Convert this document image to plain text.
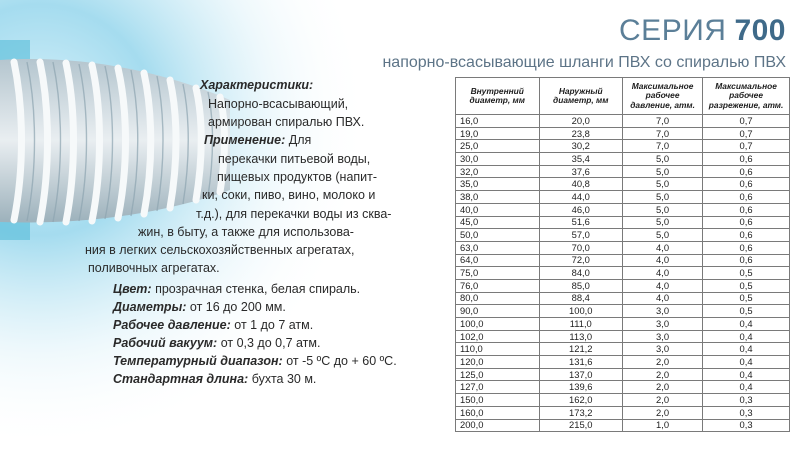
СЕРИЯ 700
напорно-всасывающие шланги ПВХ со спиралью ПВХ

Характеристики:

Напорно-всасывающий,

армирован спиралью ПВХ.

Применение: Для

перекачки питьевой воды,

пищевых продуктов (напит-

ки, соки, пиво, вино, молоко и

т.д.), для перекачки воды из сква-

жин, в быту, а также для использова-

ния в легких сельскохозяйственных агрегатах,

поливочных агрегатах.

Цвет: прозрачная стенка, белая спираль.

Диаметры: от 16 до 200 мм.

Рабочее давление: от 1 до 7 атм.

Рабочий вакуум: от 0,3 до 0,7 атм.

Температурный диапазон: от -5 ºС до + 60 ºС.

Стандартная длина: бухта 30 м.

Внутренний диаметр, мм	Наружный диаметр, мм	Максимальное рабочее давление, атм.	Максимальное рабочее разрежение, атм.
16,0	20,0	7,0	0,7
19,0	23,8	7,0	0,7
25,0	30,2	7,0	0,7
30,0	35,4	5,0	0,6
32,0	37,6	5,0	0,6
35,0	40,8	5,0	0,6
38,0	44,0	5,0	0,6
40,0	46,0	5,0	0,6
45,0	51,6	5,0	0,6
50,0	57,0	5,0	0,6
63,0	70,0	4,0	0,6
64,0	72,0	4,0	0,6
75,0	84,0	4,0	0,5
76,0	85,0	4,0	0,5
80,0	88,4	4,0	0,5
90,0	100,0	3,0	0,5
100,0	111,0	3,0	0,4
102,0	113,0	3,0	0,4
110,0	121,2	3,0	0,4
120,0	131,6	2,0	0,4
125,0	137,0	2,0	0,4
127,0	139,6	2,0	0,4
150,0	162,0	2,0	0,3
160,0	173,2	2,0	0,3
200,0	215,0	1,0	0,3
